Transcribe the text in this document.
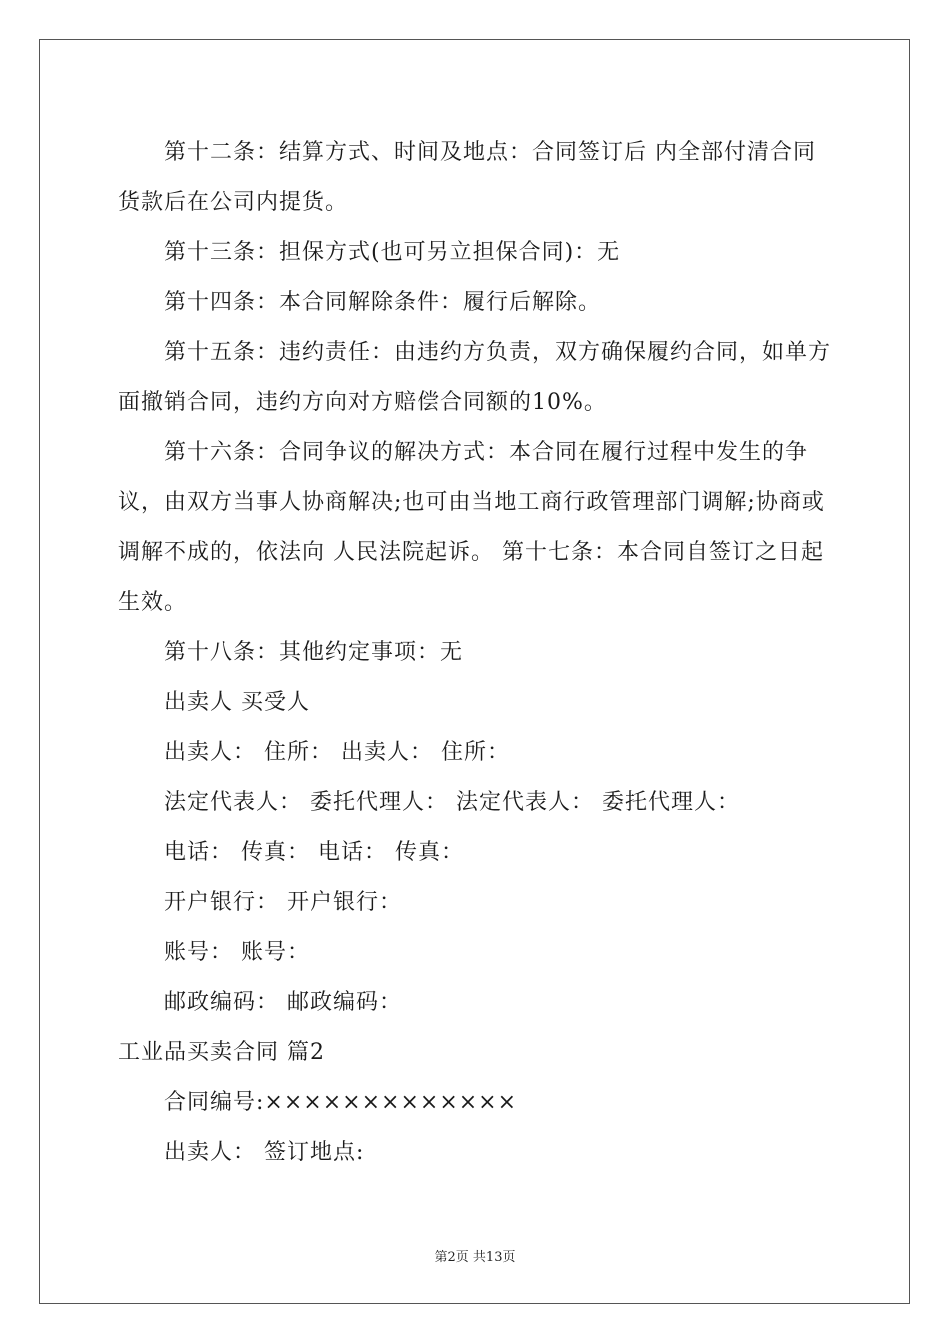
第十二条：结算方式、时间及地点：合同签订后 内全部付清合同货款后在公司内提货。

第十三条：担保方式(也可另立担保合同)：无

第十四条：本合同解除条件：履行后解除。

第十五条：违约责任：由违约方负责，双方确保履约合同，如单方面撤销合同，违约方向对方赔偿合同额的10%。

第十六条：合同争议的解决方式：本合同在履行过程中发生的争议，由双方当事人协商解决;也可由当地工商行政管理部门调解;协商或调解不成的，依法向 人民法院起诉。 第十七条：本合同自签订之日起生效。

第十八条：其他约定事项：无

出卖人 买受人

出卖人： 住所： 出卖人： 住所：

法定代表人： 委托代理人： 法定代表人： 委托代理人：

电话： 传真： 电话： 传真：

开户银行： 开户银行：

账号： 账号：

邮政编码： 邮政编码：

工业品买卖合同 篇2

合同编号:×××××××××××××

出卖人： 签订地点:

第2页 共13页
